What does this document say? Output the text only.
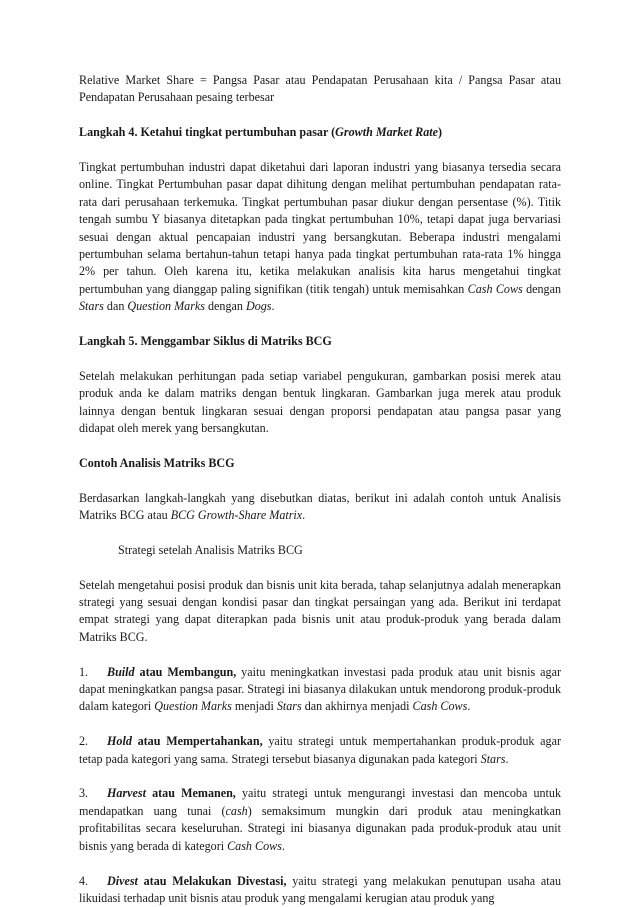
Relative Market Share = Pangsa Pasar atau Pendapatan Perusahaan kita / Pangsa Pasar atau Pendapatan Perusahaan pesaing terbesar

Langkah 4. Ketahui tingkat pertumbuhan pasar (Growth Market Rate)

Tingkat pertumbuhan industri dapat diketahui dari laporan industri yang biasanya tersedia secara online. Tingkat Pertumbuhan pasar dapat dihitung dengan melihat pertumbuhan pendapatan rata-rata dari perusahaan terkemuka. Tingkat pertumbuhan pasar diukur dengan persentase (%). Titik tengah sumbu Y biasanya ditetapkan pada tingkat pertumbuhan 10%, tetapi dapat juga bervariasi sesuai dengan aktual pencapaian industri yang bersangkutan. Beberapa industri mengalami pertumbuhan selama bertahun-tahun tetapi hanya pada tingkat pertumbuhan rata-rata 1% hingga 2% per tahun. Oleh karena itu, ketika melakukan analisis kita harus mengetahui tingkat pertumbuhan yang dianggap paling signifikan (titik tengah) untuk memisahkan Cash Cows dengan Stars dan Question Marks dengan Dogs.

Langkah 5. Menggambar Siklus di Matriks BCG

Setelah melakukan perhitungan pada setiap variabel pengukuran, gambarkan posisi merek atau produk anda ke dalam matriks dengan bentuk lingkaran. Gambarkan juga merek atau produk lainnya dengan bentuk lingkaran sesuai dengan proporsi pendapatan atau pangsa pasar yang didapat oleh merek yang bersangkutan.

Contoh Analisis Matriks BCG

Berdasarkan langkah-langkah yang disebutkan diatas, berikut ini adalah contoh untuk Analisis Matriks BCG atau BCG Growth-Share Matrix.

Strategi setelah Analisis Matriks BCG

Setelah mengetahui posisi produk dan bisnis unit kita berada, tahap selanjutnya adalah menerapkan strategi yang sesuai dengan kondisi pasar dan tingkat persaingan yang ada. Berikut ini terdapat empat strategi yang dapat diterapkan pada bisnis unit atau produk-produk yang berada dalam Matriks BCG.

1. Build atau Membangun, yaitu meningkatkan investasi pada produk atau unit bisnis agar dapat meningkatkan pangsa pasar. Strategi ini biasanya dilakukan untuk mendorong produk-produk dalam kategori Question Marks menjadi Stars dan akhirnya menjadi Cash Cows.

2. Hold atau Mempertahankan, yaitu strategi untuk mempertahankan produk-produk agar tetap pada kategori yang sama. Strategi tersebut biasanya digunakan pada kategori Stars.

3. Harvest atau Memanen, yaitu strategi untuk mengurangi investasi dan mencoba untuk mendapatkan uang tunai (cash) semaksimum mungkin dari produk atau meningkatkan profitabilitas secara keseluruhan. Strategi ini biasanya digunakan pada produk-produk atau unit bisnis yang berada di kategori Cash Cows.

4. Divest atau Melakukan Divestasi, yaitu strategi yang melakukan penutupan usaha atau likuidasi terhadap unit bisnis atau produk yang mengalami kerugian atau produk yang
